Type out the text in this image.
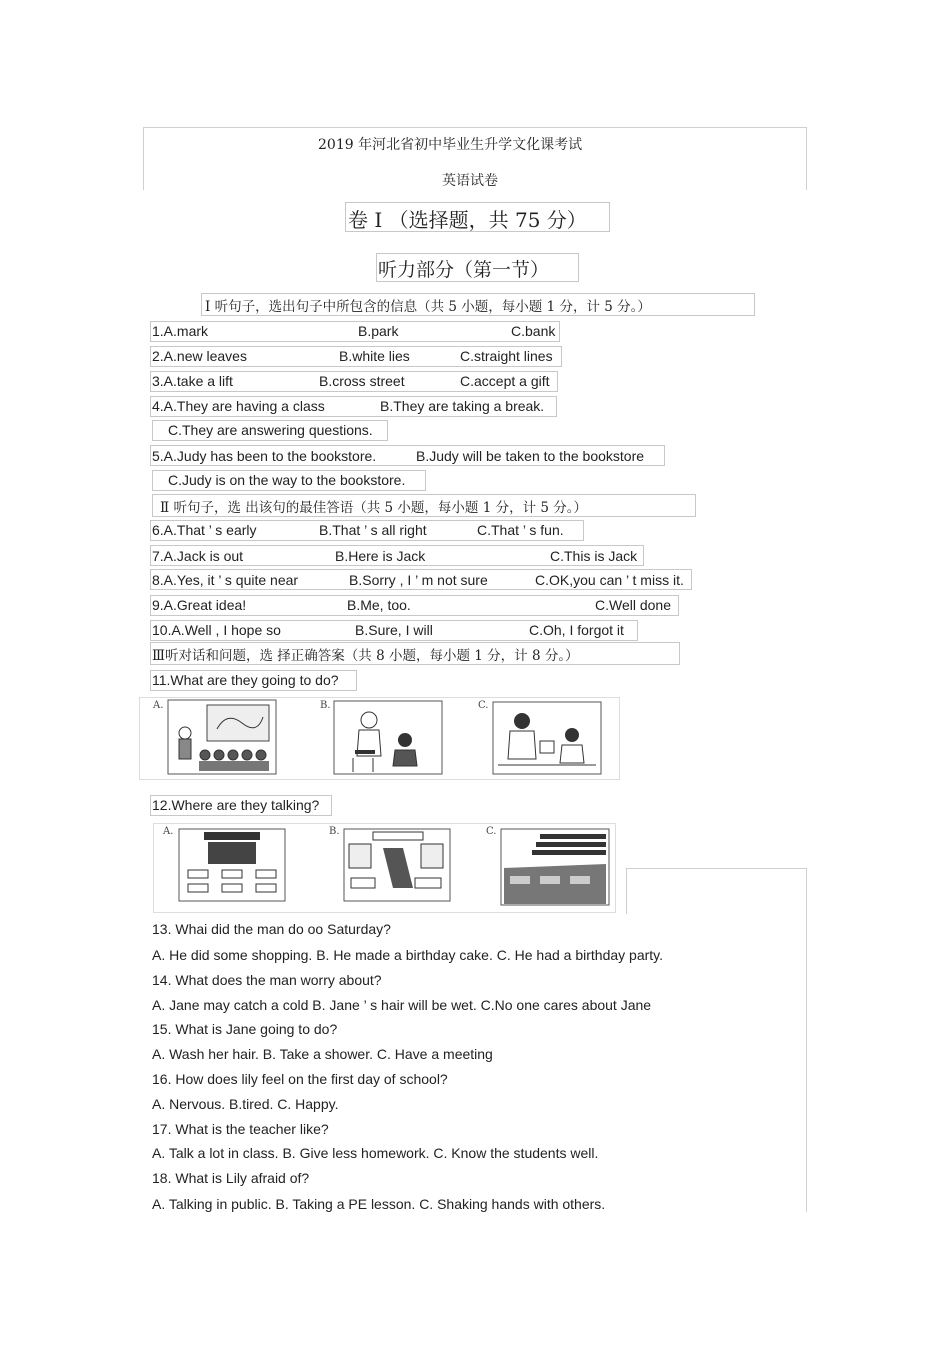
2019 年河北省初中毕业生升学文化课考试
英语试卷
卷 I （选择题，共 75 分）
听力部分（第一节）
Ⅰ 听句子，选出句子中所包含的信息（共 5 小题，每小题 1 分，计 5 分。）
1.A.mark	B.park	C.bank
2.A.new leaves	B.white lies	C.straight lines
3.A.take a lift	B.cross street	C.accept a gift
4.A.They are having a class	B.They are taking a break.
C.They are answering questions.
5.A.Judy has been to the bookstore.	B.Judy will be taken to the bookstore
C.Judy is on the way to the bookstore.
Ⅱ 听句子，选 出该句的最佳答语（共 5 小题，每小题 1 分，计 5 分。）
6.A.That ’ s early	B.That ’ s all right	C.That ’ s fun.
7.A.Jack is out	B.Here is Jack	C.This is Jack
8.A.Yes, it ’ s quite near	B.Sorry , I ’ m not sure	C.OK,you can ’ t miss it.
9.A.Great idea!	B.Me, too.	C.Well done
10.A.Well , I hope so	B.Sure, I will	C.Oh, I forgot it
Ⅲ听对话和问题，选 择正确答案（共 8 小题，每小题 1 分，计 8 分。）
11.What are they going to do?
A.	B.	C.
12.Where are they talking?
A.	B.	C.
13. Whai did the man do oo Saturday?
A. He did some shopping. B. He made a birthday cake. C. He had a birthday party.
14. What does the man worry about?
A. Jane may catch a cold B. Jane ’ s hair will be wet. C.No one cares about Jane
15. What is Jane going to do?
A. Wash her hair. B. Take a shower. C. Have a meeting
16. How does lily feel on the first day of school?
A. Nervous. B.tired. C. Happy.
17. What is the teacher like?
A. Talk a lot in class. B. Give less homework. C. Know the students well.
18. What is Lily afraid of?
A. Talking in public. B. Taking a PE lesson. C. Shaking hands with others.
